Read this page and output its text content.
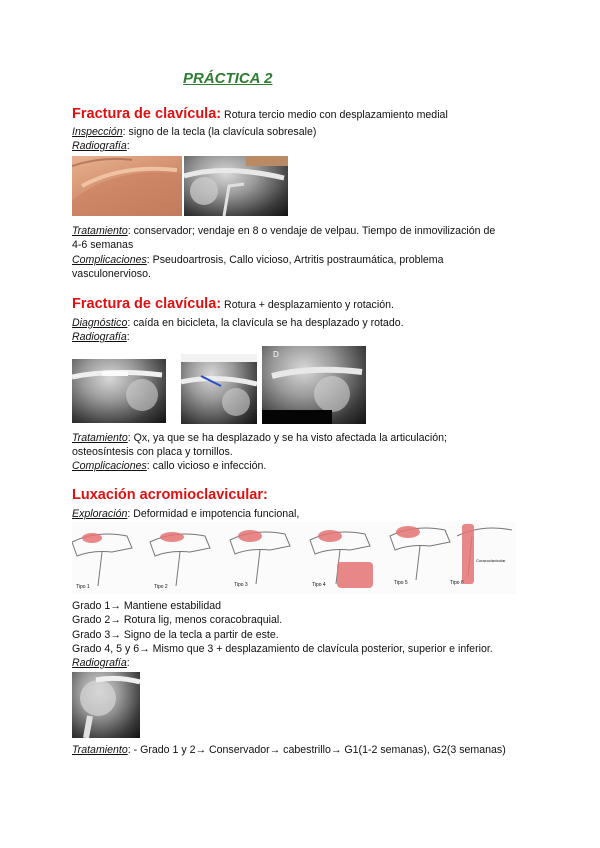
PRÁCTICA 2
Fractura de clavícula: Rotura tercio medio con desplazamiento medial
Inspección: signo de la tecla (la clavícula sobresale)
Radiografía:
Tratamiento: conservador; vendaje en 8 o vendaje de velpau. Tiempo de inmovilización de
4-6 semanas
Complicaciones: Pseudoartrosis, Callo vicioso, Artritis postraumática, problema
vasculonervioso.
Fractura de clavícula: Rotura + desplazamiento y rotación.
Diagnóstico: caída en bicicleta, la clavícula se ha desplazado y rotado.
Radiografía:
D
Tratamiento: Qx, ya que se ha desplazado y se ha visto afectada la articulación;
osteosíntesis con placa y tornillos.
Complicaciones: callo vicioso e infección.
Luxación acromioclavicular:
Exploración: Deformidad e impotencia funcional,
Tipo 1	Tipo 2	Tipo 3	Tipo 4	Tipo 5	Tipo 6
Coracoclavicular
Grado 1→ Mantiene estabilidad
Grado 2→ Rotura lig, menos coracobraquial.
Grado 3→ Signo de la tecla a partir de este.
Grado 4, 5 y 6→ Mismo que 3 + desplazamiento de clavícula posterior, superior e inferior.
Radiografía:
Tratamiento: - Grado 1 y 2→ Conservador→ cabestrillo→ G1(1-2 semanas), G2(3 semanas)
